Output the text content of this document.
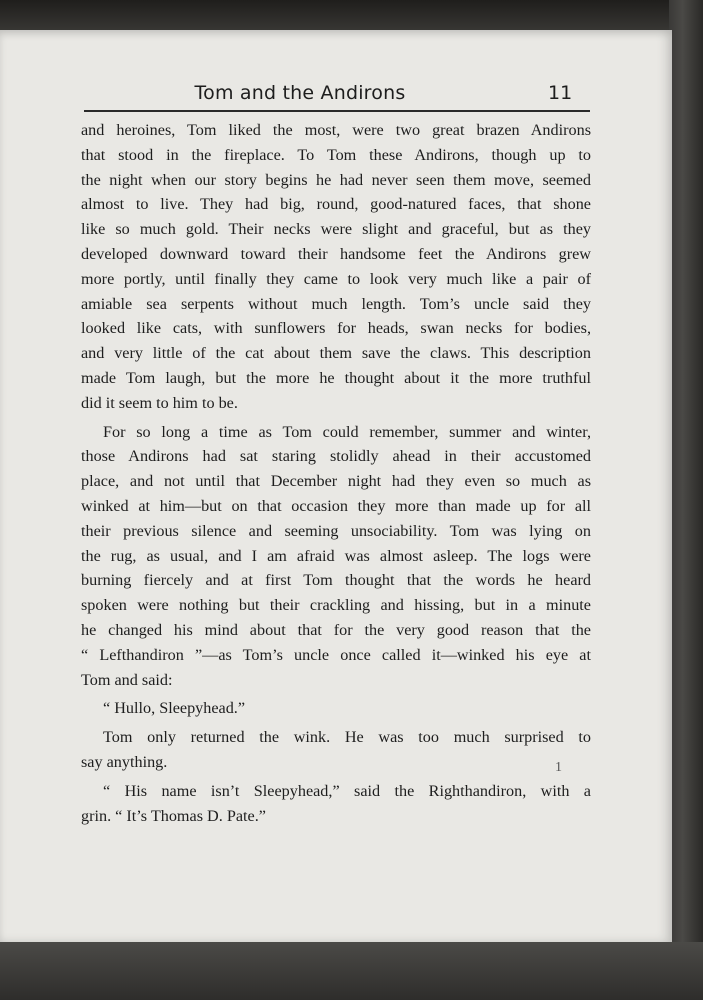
Tom and the Andirons	11
and heroines, Tom liked the most, were two great brazen Andirons
that stood in the fireplace. To Tom these Andirons, though up to
the night when our story begins he had never seen them move, seemed
almost to live. They had big, round, good-natured faces, that shone
like so much gold. Their necks were slight and graceful, but as they
developed downward toward their handsome feet the Andirons grew
more portly, until finally they came to look very much like a pair of
amiable sea serpents without much length. Tom’s uncle said they
looked like cats, with sunflowers for heads, swan necks for bodies,
and very little of the cat about them save the claws. This description
made Tom laugh, but the more he thought about it the more truthful
did it seem to him to be.
For so long a time as Tom could remember, summer and winter,
those Andirons had sat staring stolidly ahead in their accustomed
place, and not until that December night had they even so much as
winked at him—but on that occasion they more than made up for all
their previous silence and seeming unsociability. Tom was lying on
the rug, as usual, and I am afraid was almost asleep. The logs were
burning fiercely and at first Tom thought that the words he heard
spoken were nothing but their crackling and hissing, but in a minute
he changed his mind about that for the very good reason that the
“ Lefthandiron ”—as Tom’s uncle once called it—winked his eye at
Tom and said:
“ Hullo, Sleepyhead.”
Tom only returned the wink. He was too much surprised to
say anything.
“ His name isn’t Sleepyhead,” said the Righthandiron, with a
grin. “ It’s Thomas D. Pate.”
1
